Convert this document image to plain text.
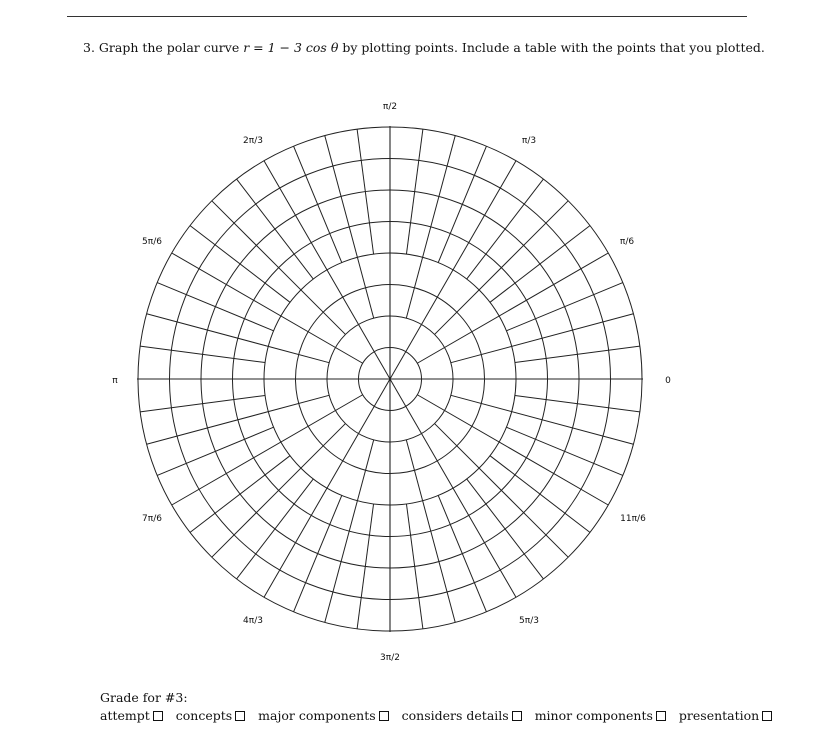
3. Graph the polar curve r = 1 − 3 cos θ by plotting points. Include a table with the points that you plotted.
0
π/6
π/3
π/2
2π/3
5π/6
π
7π/6
4π/3
3π/2
5π/3
11π/6
Grade for #3:
attempt concepts major components considers details minor components presentation
